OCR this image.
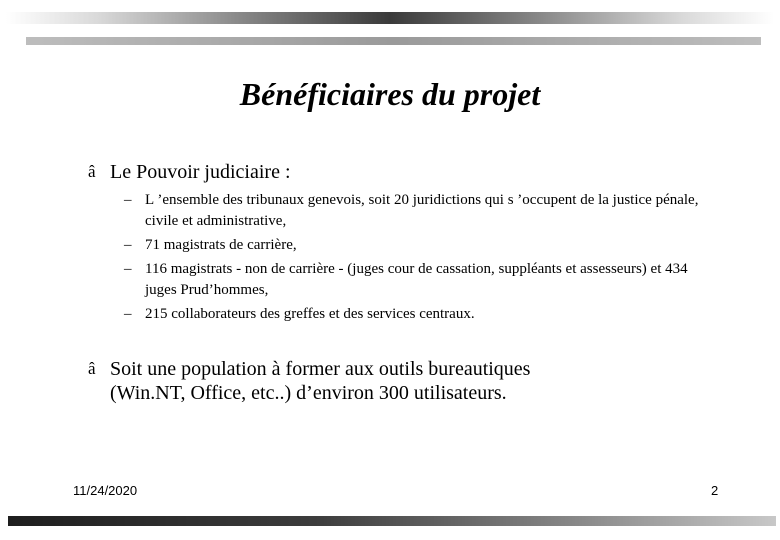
Bénéficiaires du projet
â Le Pouvoir judiciaire :
– L ’ensemble des tribunaux genevois, soit 20 juridictions qui s ’occupent de la justice pénale, civile et administrative,
– 71 magistrats de carrière,
– 116 magistrats - non de carrière - (juges cour de cassation, suppléants et assesseurs) et 434 juges Prud’hommes,
– 215 collaborateurs des greffes et des services centraux.
â Soit une population à former aux outils bureautiques
(Win.NT, Office, etc..) d’environ 300 utilisateurs.
11/24/2020	2
